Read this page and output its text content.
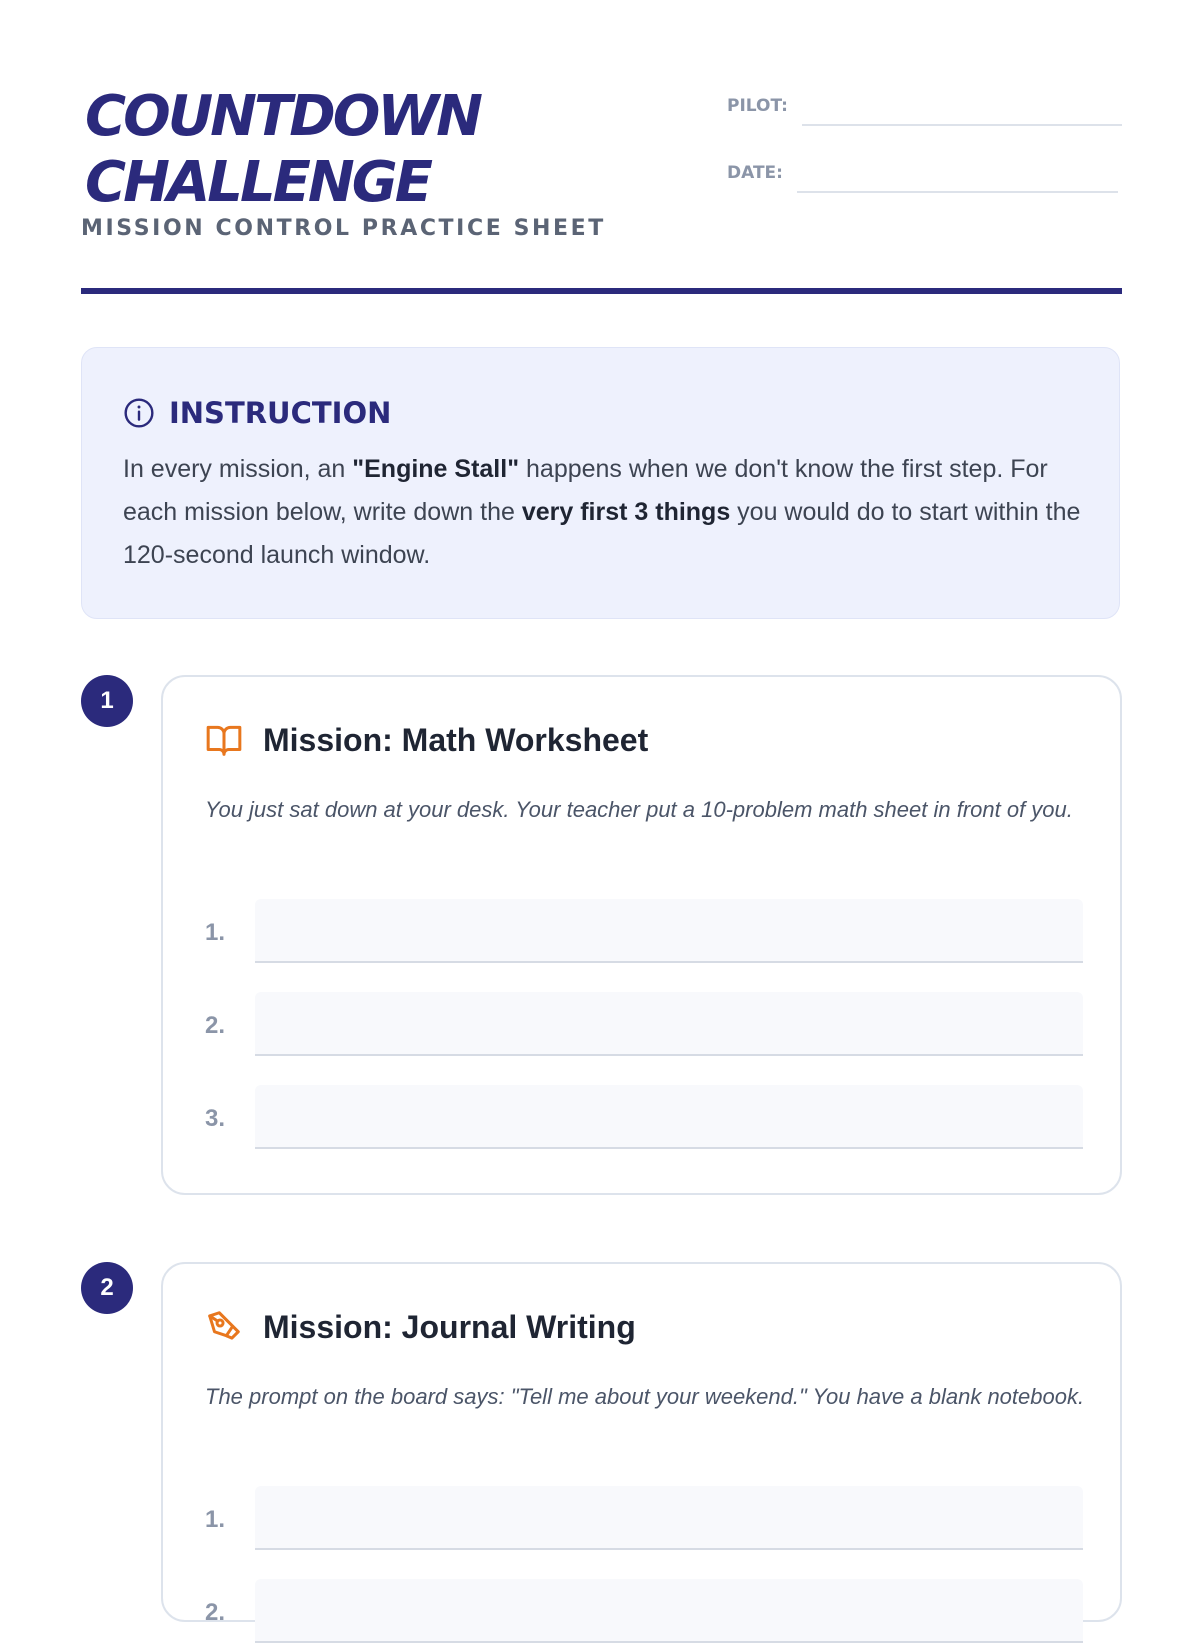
COUNTDOWN
CHALLENGE
MISSION CONTROL PRACTICE SHEET
PILOT:
DATE:
INSTRUCTION
In every mission, an "Engine Stall" happens when we don't know the first step. For each mission below, write down the very first 3 things you would do to start within the 120-second launch window.
1
Mission: Math Worksheet
You just sat down at your desk. Your teacher put a 10-problem math sheet in front of you.
1.
2.
3.
2
Mission: Journal Writing
The prompt on the board says: "Tell me about your weekend." You have a blank notebook.
1.
2.
